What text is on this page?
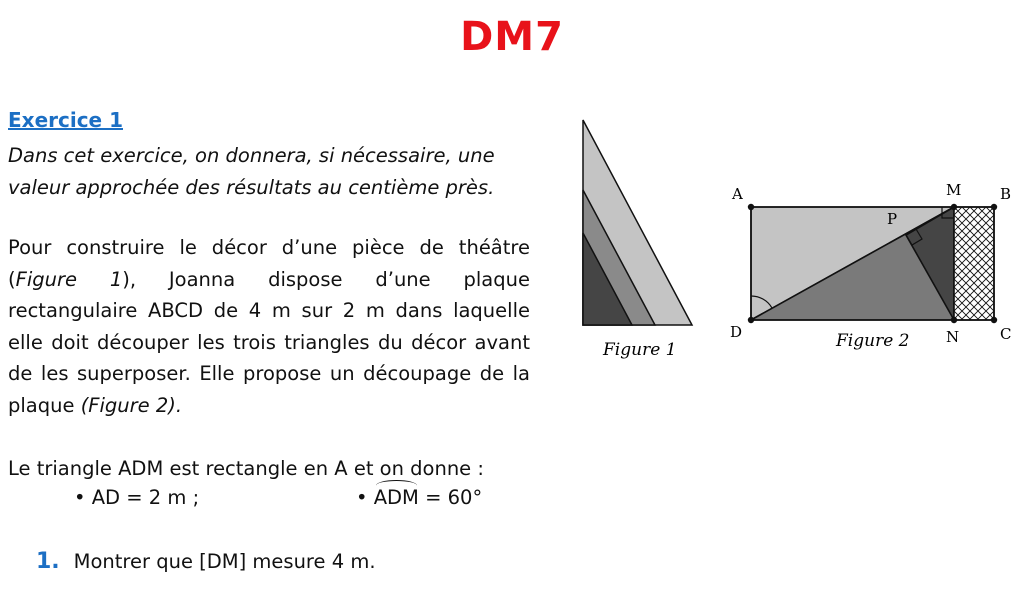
DM7
Exercice 1
Dans cet exercice, on donnera, si nécessaire, une valeur approchée des résultats au centième près.
Pour construire le décor d’une pièce de théâtre (Figure 1), Joanna dispose d’une plaque rectangulaire ABCD de 4 m sur 2 m dans laquelle elle doit découper les trois triangles du décor avant de les superposer. Elle propose un découpage de la plaque (Figure 2).
Le triangle ADM est rectangle en A et on donne :
• AD = 2 m ;	• ADM = 60°
1. Montrer que [DM] mesure 4 m.
Figure 1
A	M	B
P
D	N	C
Figure 2
